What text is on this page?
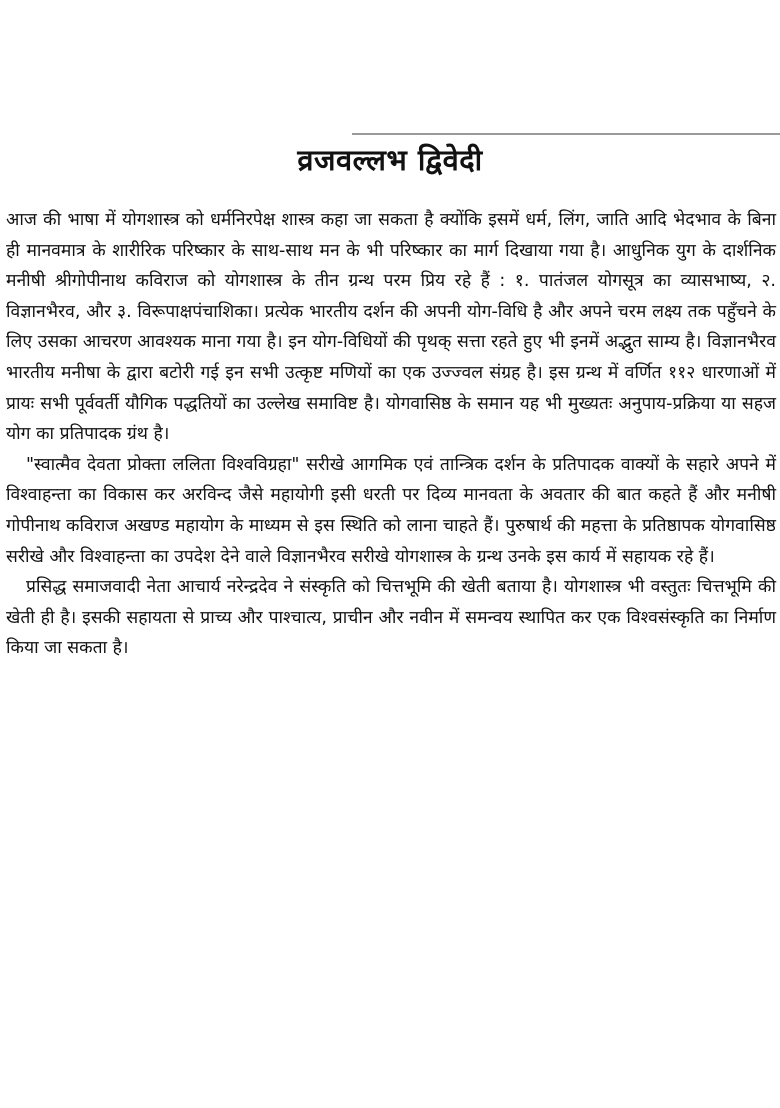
व्रजवल्लभ द्विवेदी

आज की भाषा में योगशास्त्र को धर्मनिरपेक्ष शास्त्र कहा जा सकता है क्योंकि इसमें धर्म, लिंग, जाति आदि भेदभाव के बिना ही मानवमात्र के शारीरिक परिष्कार के साथ-साथ मन के भी परिष्कार का मार्ग दिखाया गया है। आधुनिक युग के दार्शनिक मनीषी श्रीगोपीनाथ कविराज को योगशास्त्र के तीन ग्रन्थ परम प्रिय रहे हैं : १. पातंजल योगसूत्र का व्यासभाष्य, २. विज्ञानभैरव, और ३. विरूपाक्षपंचाशिका। प्रत्येक भारतीय दर्शन की अपनी योग-विधि है और अपने चरम लक्ष्य तक पहुँचने के लिए उसका आचरण आवश्यक माना गया है। इन योग-विधियों की पृथक् सत्ता रहते हुए भी इनमें अद्भुत साम्य है। विज्ञानभैरव भारतीय मनीषा के द्वारा बटोरी गई इन सभी उत्कृष्ट मणियों का एक उज्ज्वल संग्रह है। इस ग्रन्थ में वर्णित ११२ धारणाओं में प्रायः सभी पूर्ववर्ती यौगिक पद्धतियों का उल्लेख समाविष्ट है। योगवासिष्ठ के समान यह भी मुख्यतः अनुपाय-प्रक्रिया या सहज योग का प्रतिपादक ग्रंथ है।

"स्वात्मैव देवता प्रोक्ता ललिता विश्वविग्रहा" सरीखे आगमिक एवं तान्त्रिक दर्शन के प्रतिपादक वाक्यों के सहारे अपने में विश्वाहन्ता का विकास कर अरविन्द जैसे महायोगी इसी धरती पर दिव्य मानवता के अवतार की बात कहते हैं और मनीषी गोपीनाथ कविराज अखण्ड महायोग के माध्यम से इस स्थिति को लाना चाहते हैं। पुरुषार्थ की महत्ता के प्रतिष्ठापक योगवासिष्ठ सरीखे और विश्वाहन्ता का उपदेश देने वाले विज्ञानभैरव सरीखे योगशास्त्र के ग्रन्थ उनके इस कार्य में सहायक रहे हैं।

प्रसिद्ध समाजवादी नेता आचार्य नरेन्द्रदेव ने संस्कृति को चित्तभूमि की खेती बताया है। योगशास्त्र भी वस्तुतः चित्तभूमि की खेती ही है। इसकी सहायता से प्राच्य और पाश्चात्य, प्राचीन और नवीन में समन्वय स्थापित कर एक विश्वसंस्कृति का निर्माण किया जा सकता है।
